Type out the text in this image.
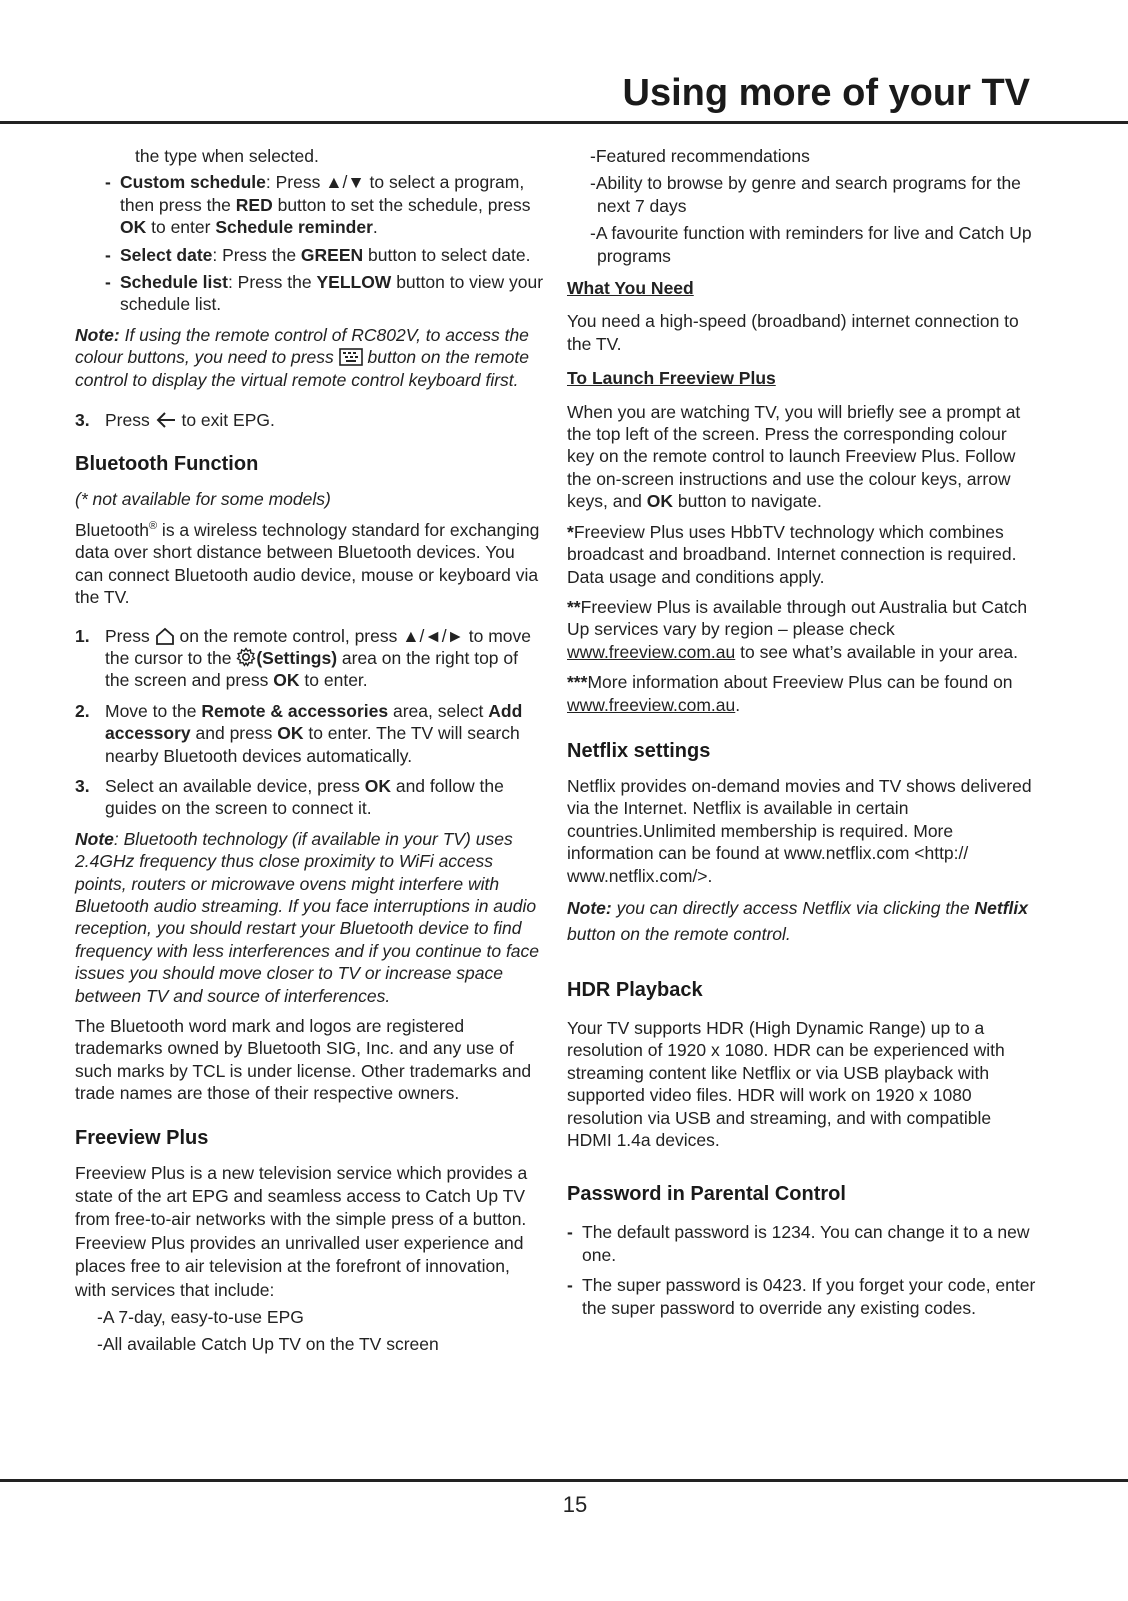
Using more of your TV

the type when selected.

- Custom schedule: Press ▲/▼ to select a program, then press the RED button to set the schedule, press OK to enter Schedule reminder.
- Select date: Press the GREEN button to select date.
- Schedule list: Press the YELLOW button to view your schedule list.

Note: If using the remote control of RC802V, to access the colour buttons, you need to press
button on the remote control to display the virtual remote control keyboard first.

3. Press
to exit EPG.
Bluetooth Function

(* not available for some models)

Bluetooth® is a wireless technology standard for exchanging data over short distance between Bluetooth devices. You can connect Bluetooth audio device, mouse or keyboard via the TV.

1. Press
on the remote control, press ▲/◄/► to move the cursor to the
(Settings) area on the right top of the screen and press OK to enter.
2. Move to the Remote & accessories area, select Add accessory and press OK to enter. The TV will search nearby Bluetooth devices automatically.
3. Select an available device, press OK and follow the guides on the screen to connect it.

Note: Bluetooth technology (if available in your TV) uses 2.4GHz frequency thus close proximity to WiFi access points, routers or microwave ovens might interfere with Bluetooth audio streaming. If you face interruptions in audio reception, you should restart your Bluetooth device to find frequency with less interferences and if you continue to face issues you should move closer to TV or increase space between TV and source of interferences.

The Bluetooth word mark and logos are registered trademarks owned by Bluetooth SIG, Inc. and any use of such marks by TCL is under license. Other trademarks and trade names are those of their respective owners.

Freeview Plus

Freeview Plus is a new television service which provides a state of the art EPG and seamless access to Catch Up TV from free-to-air networks with the simple press of a button. Freeview Plus provides an unrivalled user experience and places free to air television at the forefront of innovation, with services that include:

-A 7-day, easy-to-use EPG
-All available Catch Up TV on the TV screen
-Featured recommendations
-Ability to browse by genre and search programs for the next 7 days
-A favourite function with reminders for live and Catch Up programs

What You Need

You need a high-speed (broadband) internet connection to the TV.

To Launch Freeview Plus

When you are watching TV, you will briefly see a prompt at the top left of the screen. Press the corresponding colour key on the remote control to launch Freeview Plus. Follow the on-screen instructions and use the colour keys, arrow keys, and OK button to navigate.

*Freeview Plus uses HbbTV technology which combines broadcast and broadband. Internet connection is required. Data usage and conditions apply.

**Freeview Plus is available through out Australia but Catch Up services vary by region – please check www.freeview.com.au to see what’s available in your area.

***More information about Freeview Plus can be found on www.freeview.com.au.

Netflix settings

Netflix provides on-demand movies and TV shows delivered via the Internet. Netflix is available in certain countries.Unlimited membership is required. More information can be found at www.netflix.com <http:// www.netflix.com/>.

Note: you can directly access Netflix via clicking the Netflix button on the remote control.

HDR Playback

Your TV supports HDR (High Dynamic Range) up to a resolution of 1920 x 1080. HDR can be experienced with streaming content like Netflix or via USB playback with supported video files. HDR will work on 1920 x 1080 resolution via USB and streaming, and with compatible HDMI 1.4a devices.

Password in Parental Control
- The default password is 1234. You can change it to a new one.
- The super password is 0423. If you forget your code, enter the super password to override any existing codes.
15
